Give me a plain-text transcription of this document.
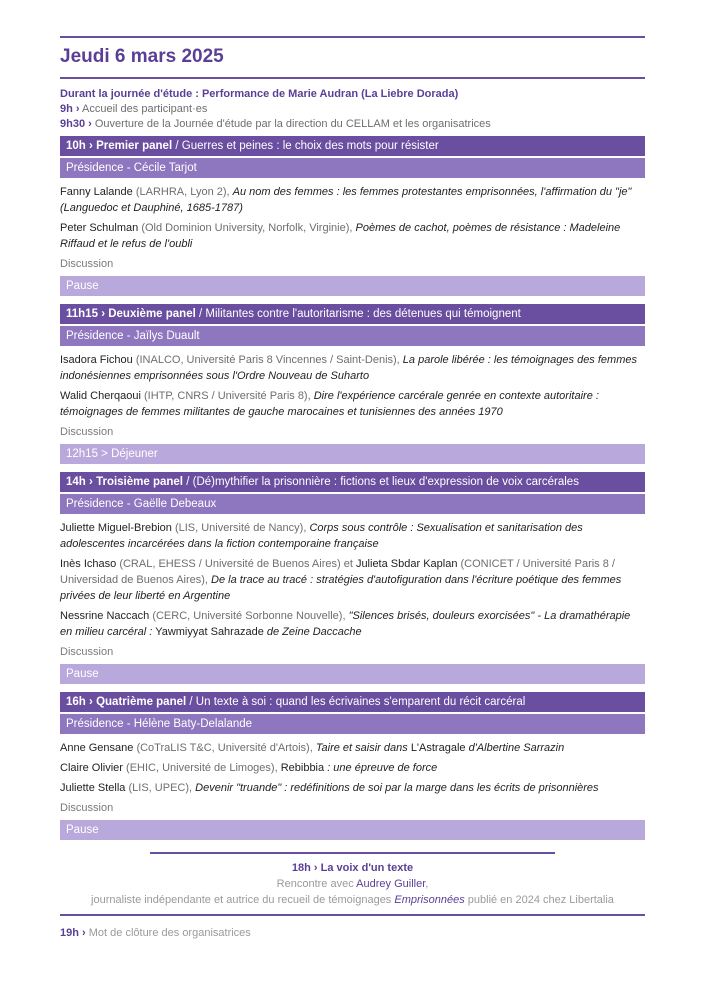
Jeudi 6 mars 2025

Durant la journée d'étude : Performance de Marie Audran (La Liebre Dorada)

9h › Accueil des participant·es

9h30 › Ouverture de la Journée d'étude par la direction du CELLAM et les organisatrices

10h › Premier panel / Guerres et peines : le choix des mots pour résister
Présidence - Cécile Tarjot

Fanny Lalande (LARHRA, Lyon 2), Au nom des femmes : les femmes protestantes emprisonnées, l'affirmation du "je" (Languedoc et Dauphiné, 1685-1787)

Peter Schulman (Old Dominion University, Norfolk, Virginie), Poèmes de cachot, poèmes de résistance : Madeleine Riffaud et le refus de l'oubli

Discussion
Pause
11h15 › Deuxième panel / Militantes contre l'autoritarisme : des détenues qui témoignent
Présidence - Jaïlys Duault

Isadora Fichou (INALCO, Université Paris 8 Vincennes / Saint-Denis), La parole libérée : les témoignages des femmes indonésiennes emprisonnées sous l'Ordre Nouveau de Suharto

Walid Cherqaoui (IHTP, CNRS / Université Paris 8), Dire l'expérience carcérale genrée en contexte autoritaire : témoignages de femmes militantes de gauche marocaines et tunisiennes des années 1970

Discussion
12h15 > Déjeuner
14h › Troisième panel / (Dé)mythifier la prisonnière : fictions et lieux d'expression de voix carcérales
Présidence - Gaëlle Debeaux

Juliette Miguel-Brebion (LIS, Université de Nancy), Corps sous contrôle : Sexualisation et sanitarisation des adolescentes incarcérées dans la fiction contemporaine française

Inès Ichaso (CRAL, EHESS / Université de Buenos Aires) et Julieta Sbdar Kaplan (CONICET / Université Paris 8 / Universidad de Buenos Aires), De la trace au tracé : stratégies d'autofiguration dans l'écriture poétique des femmes privées de leur liberté en Argentine

Nessrine Naccach (CERC, Université Sorbonne Nouvelle), "Silences brisés, douleurs exorcisées" - La dramathérapie en milieu carcéral : Yawmiyyat Sahrazade de Zeine Daccache

Discussion
Pause
16h › Quatrième panel / Un texte à soi : quand les écrivaines s'emparent du récit carcéral
Présidence - Hélène Baty-Delalande

Anne Gensane (CoTraLIS T&C, Université d'Artois), Taire et saisir dans L'Astragale d'Albertine Sarrazin

Claire Olivier (EHIC, Université de Limoges), Rebibbia : une épreuve de force

Juliette Stella (LIS, UPEC), Devenir "truande" : redéfinitions de soi par la marge dans les écrits de prisonnières

Discussion
Pause
18h › La voix d'un texte
Rencontre avec Audrey Guiller,
journaliste indépendante et autrice du recueil de témoignages Emprisonnées publié en 2024 chez Libertalia

19h › Mot de clôture des organisatrices
